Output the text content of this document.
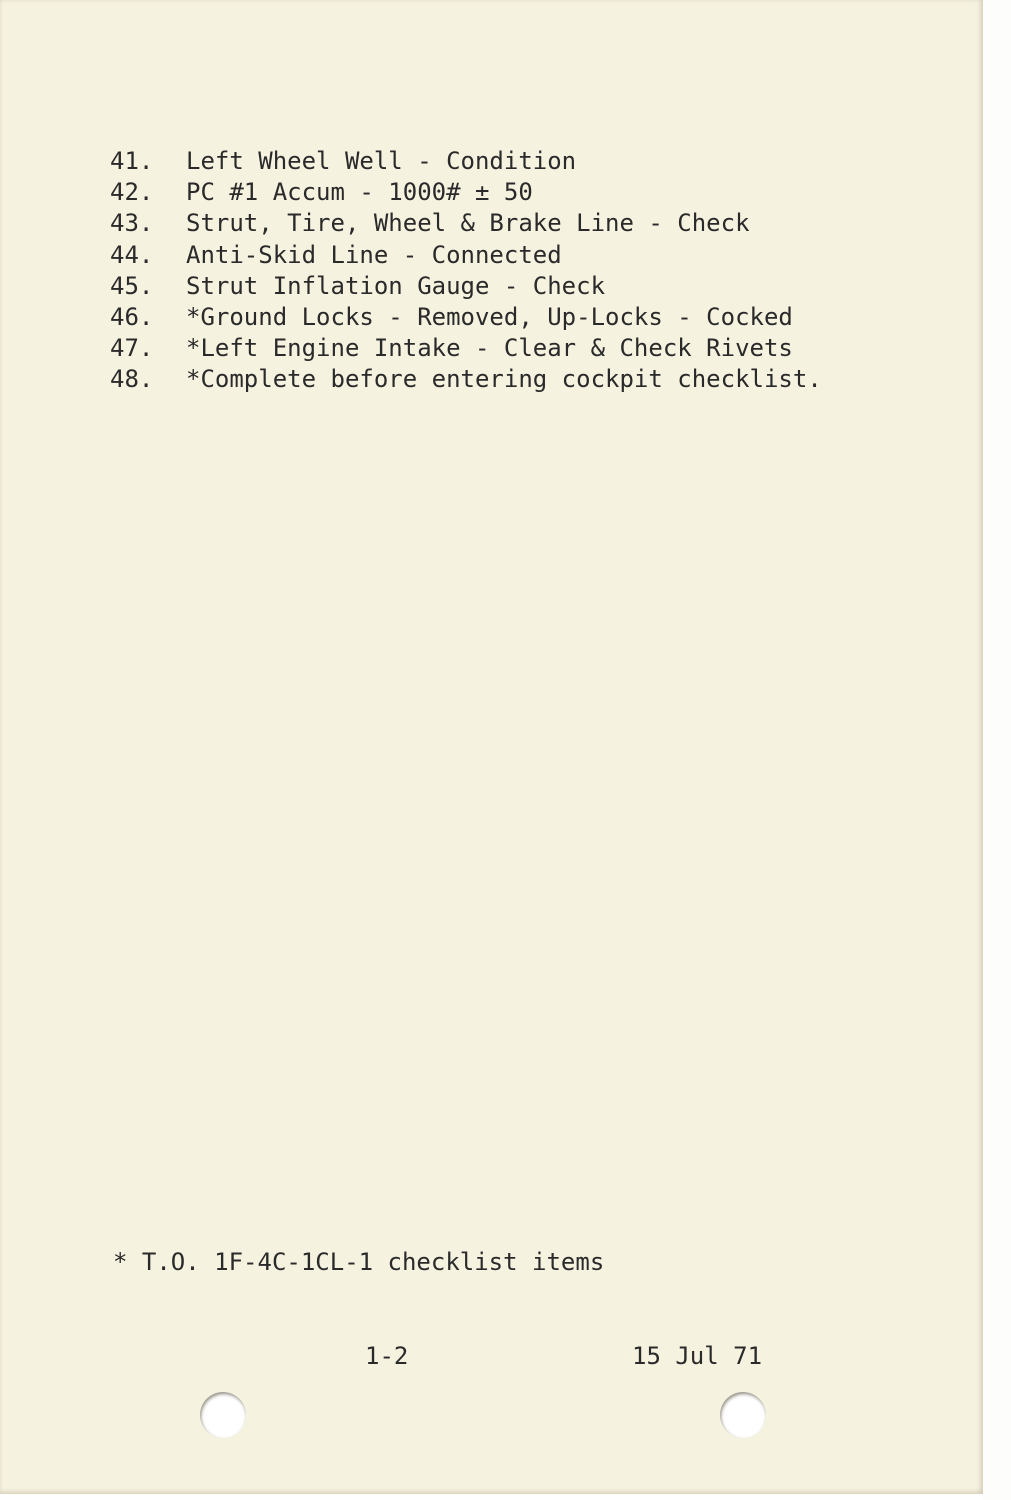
41. Left Wheel Well - Condition
42. PC #1 Accum - 1000# ± 50
43. Strut, Tire, Wheel & Brake Line - Check
44. Anti-Skid Line - Connected
45. Strut Inflation Gauge - Check
46. *Ground Locks - Removed, Up-Locks - Cocked
47. *Left Engine Intake - Clear & Check Rivets
48. *Complete before entering cockpit checklist.
* T.O. 1F-4C-1CL-1 checklist items
1-2	15 Jul 71
